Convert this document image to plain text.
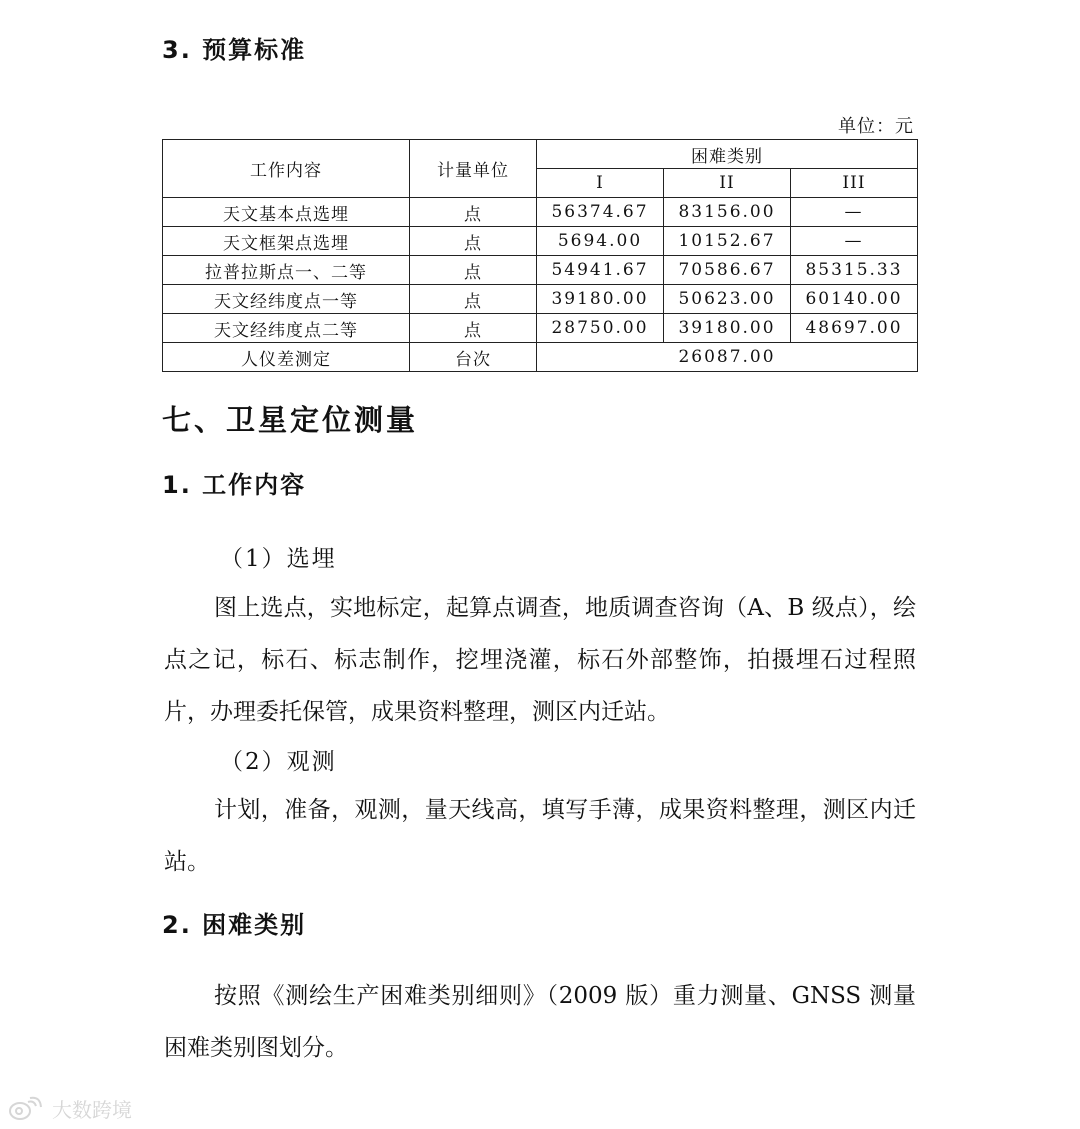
3. 预算标准
单位：元
工作内容	计量单位	困难类别		
		I	II	III
天文基本点选埋	点	56374.67	83156.00	—
天文框架点选埋	点	5694.00	10152.67	—
拉普拉斯点一、二等	点	54941.67	70586.67	85315.33
天文经纬度点一等	点	39180.00	50623.00	60140.00
天文经纬度点二等	点	28750.00	39180.00	48697.00
人仪差测定	台次	26087.00		
七、卫星定位测量
1. 工作内容
（1）选埋

图上选点，实地标定，起算点调查，地质调查咨询（A、B 级点），绘点之记，标石、标志制作，挖埋浇灌，标石外部整饰，拍摄埋石过程照片，办理委托保管，成果资料整理，测区内迁站。

（2）观测

计划，准备，观测，量天线高，填写手薄，成果资料整理，测区内迁站。

2. 困难类别

按照《测绘生产困难类别细则》（2009 版）重力测量、GNSS 测量困难类别图划分。

大数跨境
